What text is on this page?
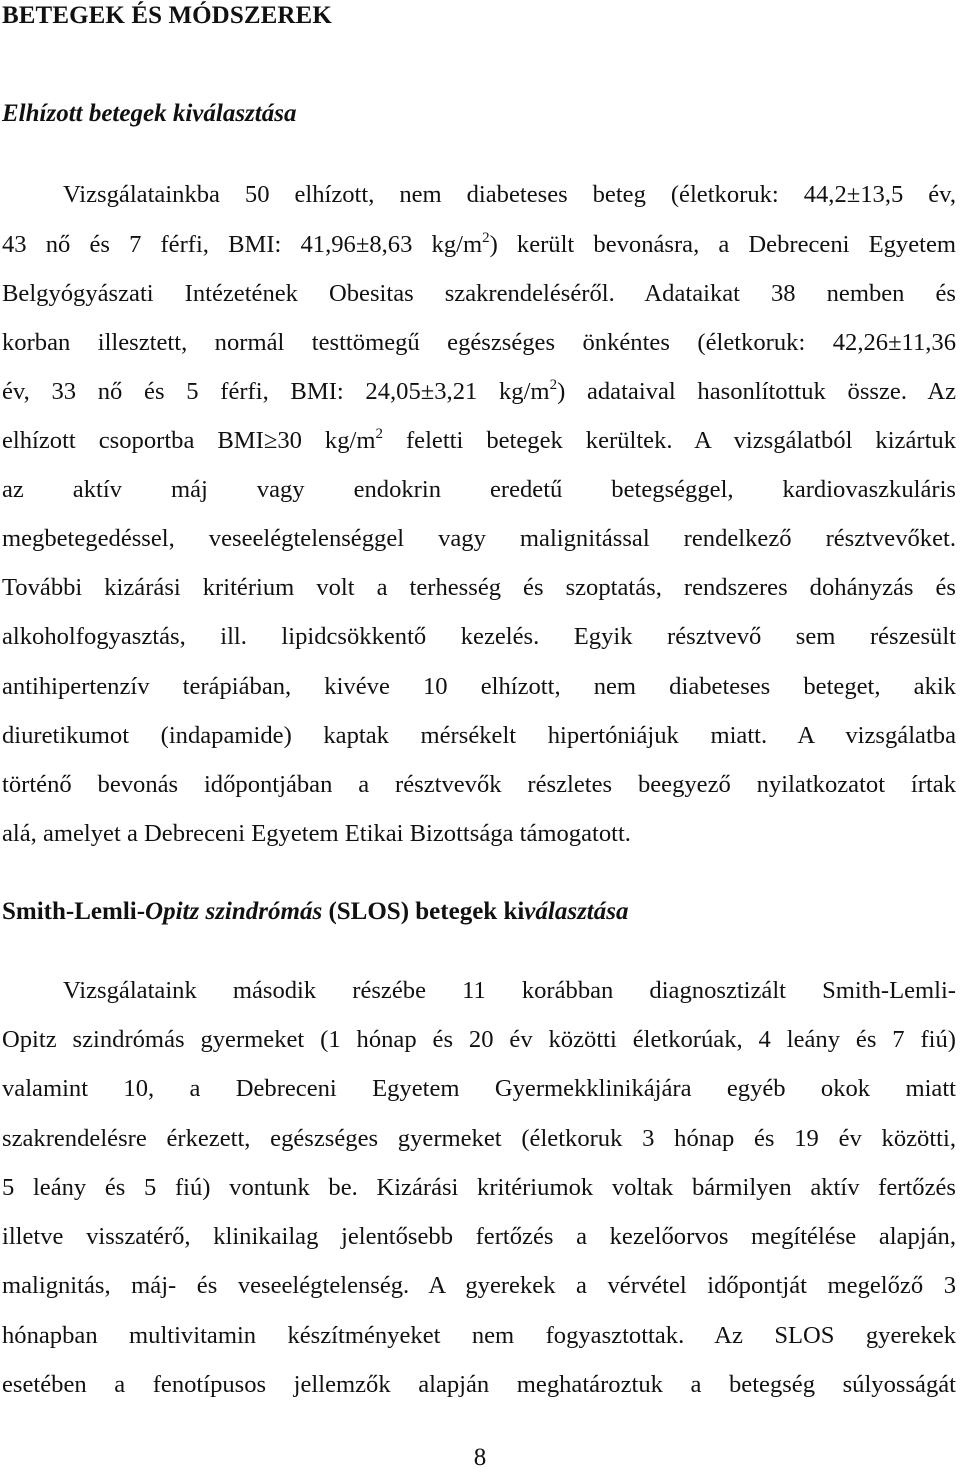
BETEGEK ÉS MÓDSZEREK
Elhízott betegek kiválasztása
Vizsgálatainkba 50 elhízott, nem diabeteses beteg (életkoruk: 44,2±13,5 év,
43 nő és 7 férfi, BMI: 41,96±8,63 $kg/m^2$) került bevonásra, a Debreceni Egyetem
Belgyógyászati Intézetének Obesitas szakrendeléséről. Adataikat 38 nemben és
korban illesztett, normál testtömegű egészséges önkéntes (életkoruk: 42,26±11,36
év, 33 nő és 5 férfi, BMI: 24,05±3,21 $kg/m^2$) adataival hasonlítottuk össze. Az
elhízott csoportba BMI≥30 $kg/m^2$ feletti betegek kerültek. A vizsgálatból kizártuk
az aktív máj vagy endokrin eredetű betegséggel, kardiovaszkuláris
megbetegedéssel, veseelégtelenséggel vagy malignitással rendelkező résztvevőket.
További kizárási kritérium volt a terhesség és szoptatás, rendszeres dohányzás és
alkoholfogyasztás, ill. lipidcsökkentő kezelés. Egyik résztvevő sem részesült
antihipertenzív terápiában, kivéve 10 elhízott, nem diabeteses beteget, akik
diuretikumot (indapamide) kaptak mérsékelt hipertóniájuk miatt. A vizsgálatba
történő bevonás időpontjában a résztvevők részletes beegyező nyilatkozatot írtak
alá, amelyet a Debreceni Egyetem Etikai Bizottsága támogatott.
Smith-Lemli-Opitz szindrómás (SLOS) betegek kiválasztása
Vizsgálataink második részébe 11 korábban diagnosztizált Smith-Lemli-
Opitz szindrómás gyermeket (1 hónap és 20 év közötti életkorúak, 4 leány és 7 fiú)
valamint 10, a Debreceni Egyetem Gyermekklinikájára egyéb okok miatt
szakrendelésre érkezett, egészséges gyermeket (életkoruk 3 hónap és 19 év közötti,
5 leány és 5 fiú) vontunk be. Kizárási kritériumok voltak bármilyen aktív fertőzés
illetve visszatérő, klinikailag jelentősebb fertőzés a kezelőorvos megítélése alapján,
malignitás, máj- és veseelégtelenség. A gyerekek a vérvétel időpontját megelőző 3
hónapban multivitamin készítményeket nem fogyasztottak. Az SLOS gyerekek
esetében a fenotípusos jellemzők alapján meghatároztuk a betegség súlyosságát
8
